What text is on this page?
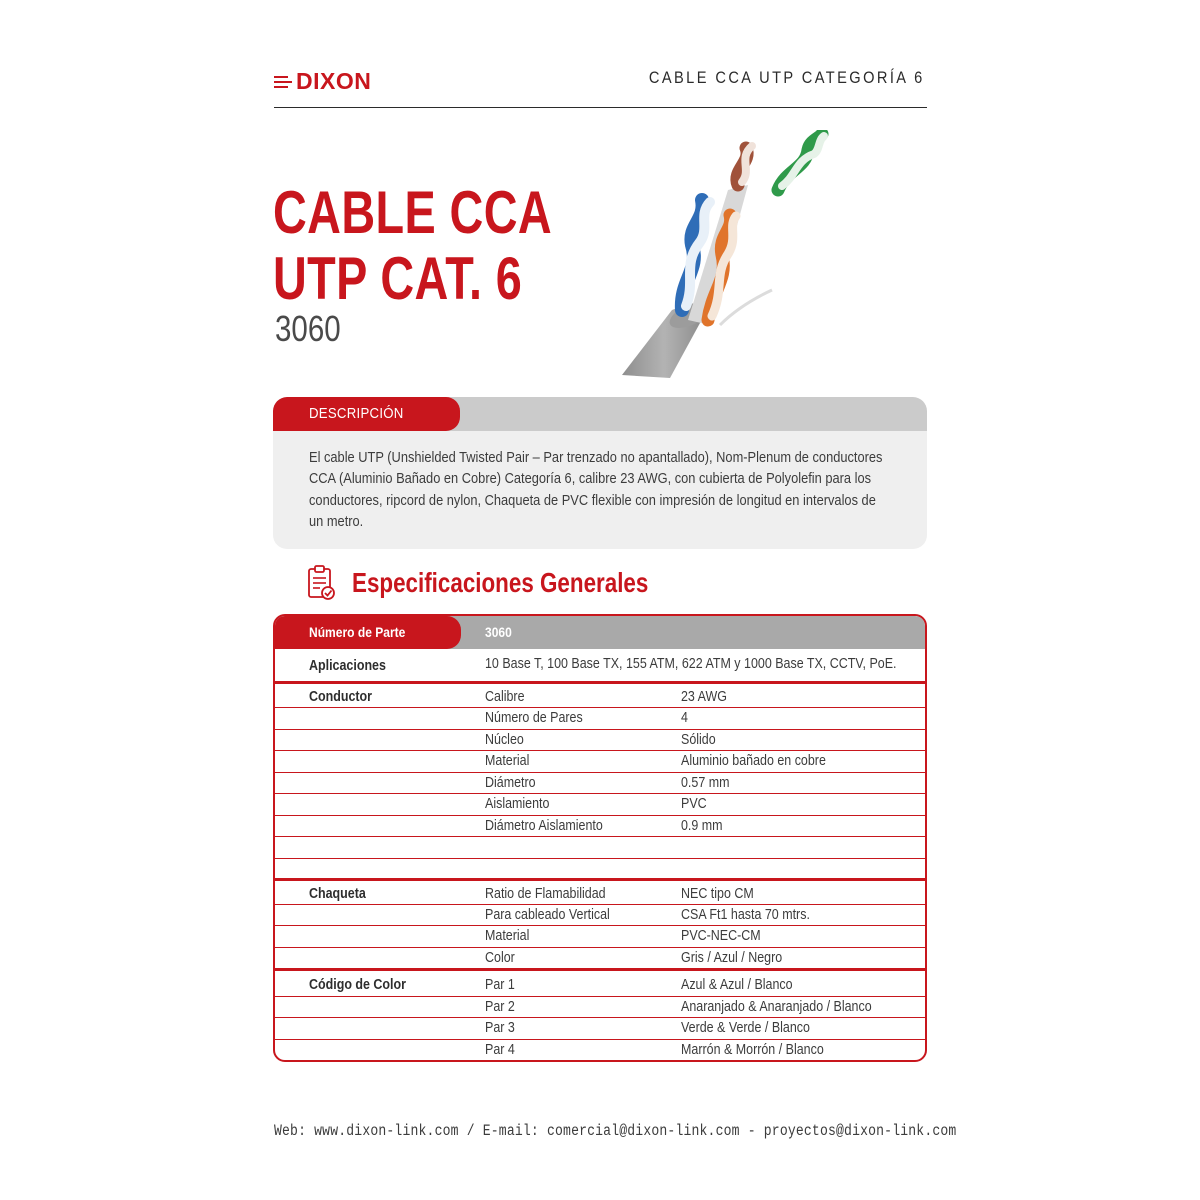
DIXON	CABLE CCA UTP CATEGORÍA 6
CABLE CCA
UTP CAT. 6
3060
DESCRIPCIÓN
El cable UTP (Unshielded Twisted Pair – Par trenzado no apantallado), Nom-Plenum de conductores
CCA (Aluminio Bañado en Cobre) Categoría 6, calibre 23 AWG, con cubierta de Polyolefin para los
conductores, ripcord de nylon, Chaqueta de PVC flexible con impresión de longitud en intervalos de
un metro.
Especificaciones Generales
Número de Parte	3060
Aplicaciones	10 Base T, 100 Base TX, 155 ATM, 622 ATM y 1000 Base TX, CCTV, PoE.
Conductor	Calibre	23 AWG
Número de Pares	4
Núcleo	Sólido
Material	Aluminio bañado en cobre
Diámetro	0.57 mm
Aislamiento	PVC
Diámetro Aislamiento	0.9 mm
Chaqueta	Ratio de Flamabilidad	NEC tipo CM
Para cableado Vertical	CSA Ft1 hasta 70 mtrs.
Material	PVC-NEC-CM
Color	Gris / Azul / Negro
Código de Color	Par 1	Azul & Azul / Blanco
Par 2	Anaranjado & Anaranjado / Blanco
Par 3	Verde & Verde / Blanco
Par 4	Marrón & Morrón / Blanco
Web: www.dixon-link.com / E-mail: comercial@dixon-link.com - proyectos@dixon-link.com
